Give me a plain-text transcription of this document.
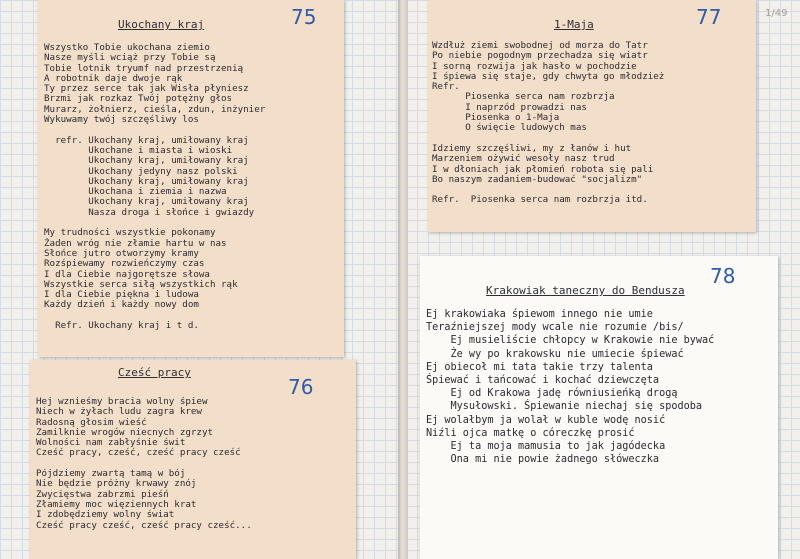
Ukochany kraj	75
Wszystko Tobie ukochana ziemio
Nasze myśli wciąż przy Tobie są
Tobie lotnik tryumf nad przestrzenią
A robotnik daje dwoje rąk
Ty przez serce tak jak Wisła płyniesz
Brzmi jak rozkaz Twój potężny głos
Murarz, żołnierz, cieśla, zdun, inżynier
Wykuwamy twój szczęśliwy los
refr. Ukochany kraj, umiłowany kraj
Ukochane i miasta i wioski
Ukochany kraj, umiłowany kraj
Ukochany jedyny nasz polski
Ukochany kraj, umiłowany kraj
Ukochana i ziemia i nazwa
Ukochany kraj, umiłowany kraj
Nasza droga i słońce i gwiazdy
My trudności wszystkie pokonamy
Żaden wróg nie złamie hartu w nas
Słońce jutro otworzymy kramy
Rozśpiewamy rozwieńczymy czas
I dla Ciebie najgorętsze słowa
Wszystkie serca siłą wszystkich rąk
I dla Ciebie piękna i ludowa
Każdy dzień i każdy nowy dom
Refr. Ukochany kraj i t d.
Cześć pracy
76
Hej wznieśmy bracia wolny śpiew
Niech w żyłach ludu zagra krew
Radosną głosim wieść
Zamilknie wrogów niecnych zgrzyt
Wolności nam zabłyśnie świt
Cześć pracy, cześć, cześć pracy cześć
Pójdziemy zwartą tamą w bój
Nie będzie próżny krwawy znój
Zwycięstwa zabrzmi pieśń
Złamiemy moc więziennych krat
I zdobędziemy wolny świat
Cześć pracy cześć, cześć pracy cześć...
1-Maja	77
Wzdłuż ziemi swobodnej od morza do Tatr
Po niebie pogodnym przechadza się wiatr
I sorną rozwija jak hasło w pochodzie
I śpiewa się staje, gdy chwyta go młodzież
Refr.
Piosenka serca nam rozbrzja
I naprzód prowadzi nas
Piosenka o 1-Maja
O święcie ludowych mas
Idziemy szczęśliwi, my z łanów i hut
Marzeniem ożywić wesoły nasz trud
I w dłoniach jak płomień robota się pali
Bo naszym zadaniem-budować "socjalizm"
Refr.  Piosenka serca nam rozbrzja itd.
1/49
Krakowiak taneczny do Bendusza
78
Ej krakowiaka śpiewom innego nie umie
Teraźniejszej mody wcale nie rozumie /bis/
Ej musieliście chłopcy w Krakowie nie bywać
Że wy po krakowsku nie umiecie śpiewać
Ej obiecoł mi tata takie trzy talenta
Śpiewać i tańcować i kochać dziewczęta
Ej od Krakowa jadę równiusieńką drogą
Mysułowski. Śpiewanie niechaj się spodoba
Ej wolałbym ja wolał w kuble wodę nosić
Niźli ojca matkę o córeczkę prosić
Ej ta moja mamusia to jak jagódecka
Ona mi nie powie żadnego słóweczka
